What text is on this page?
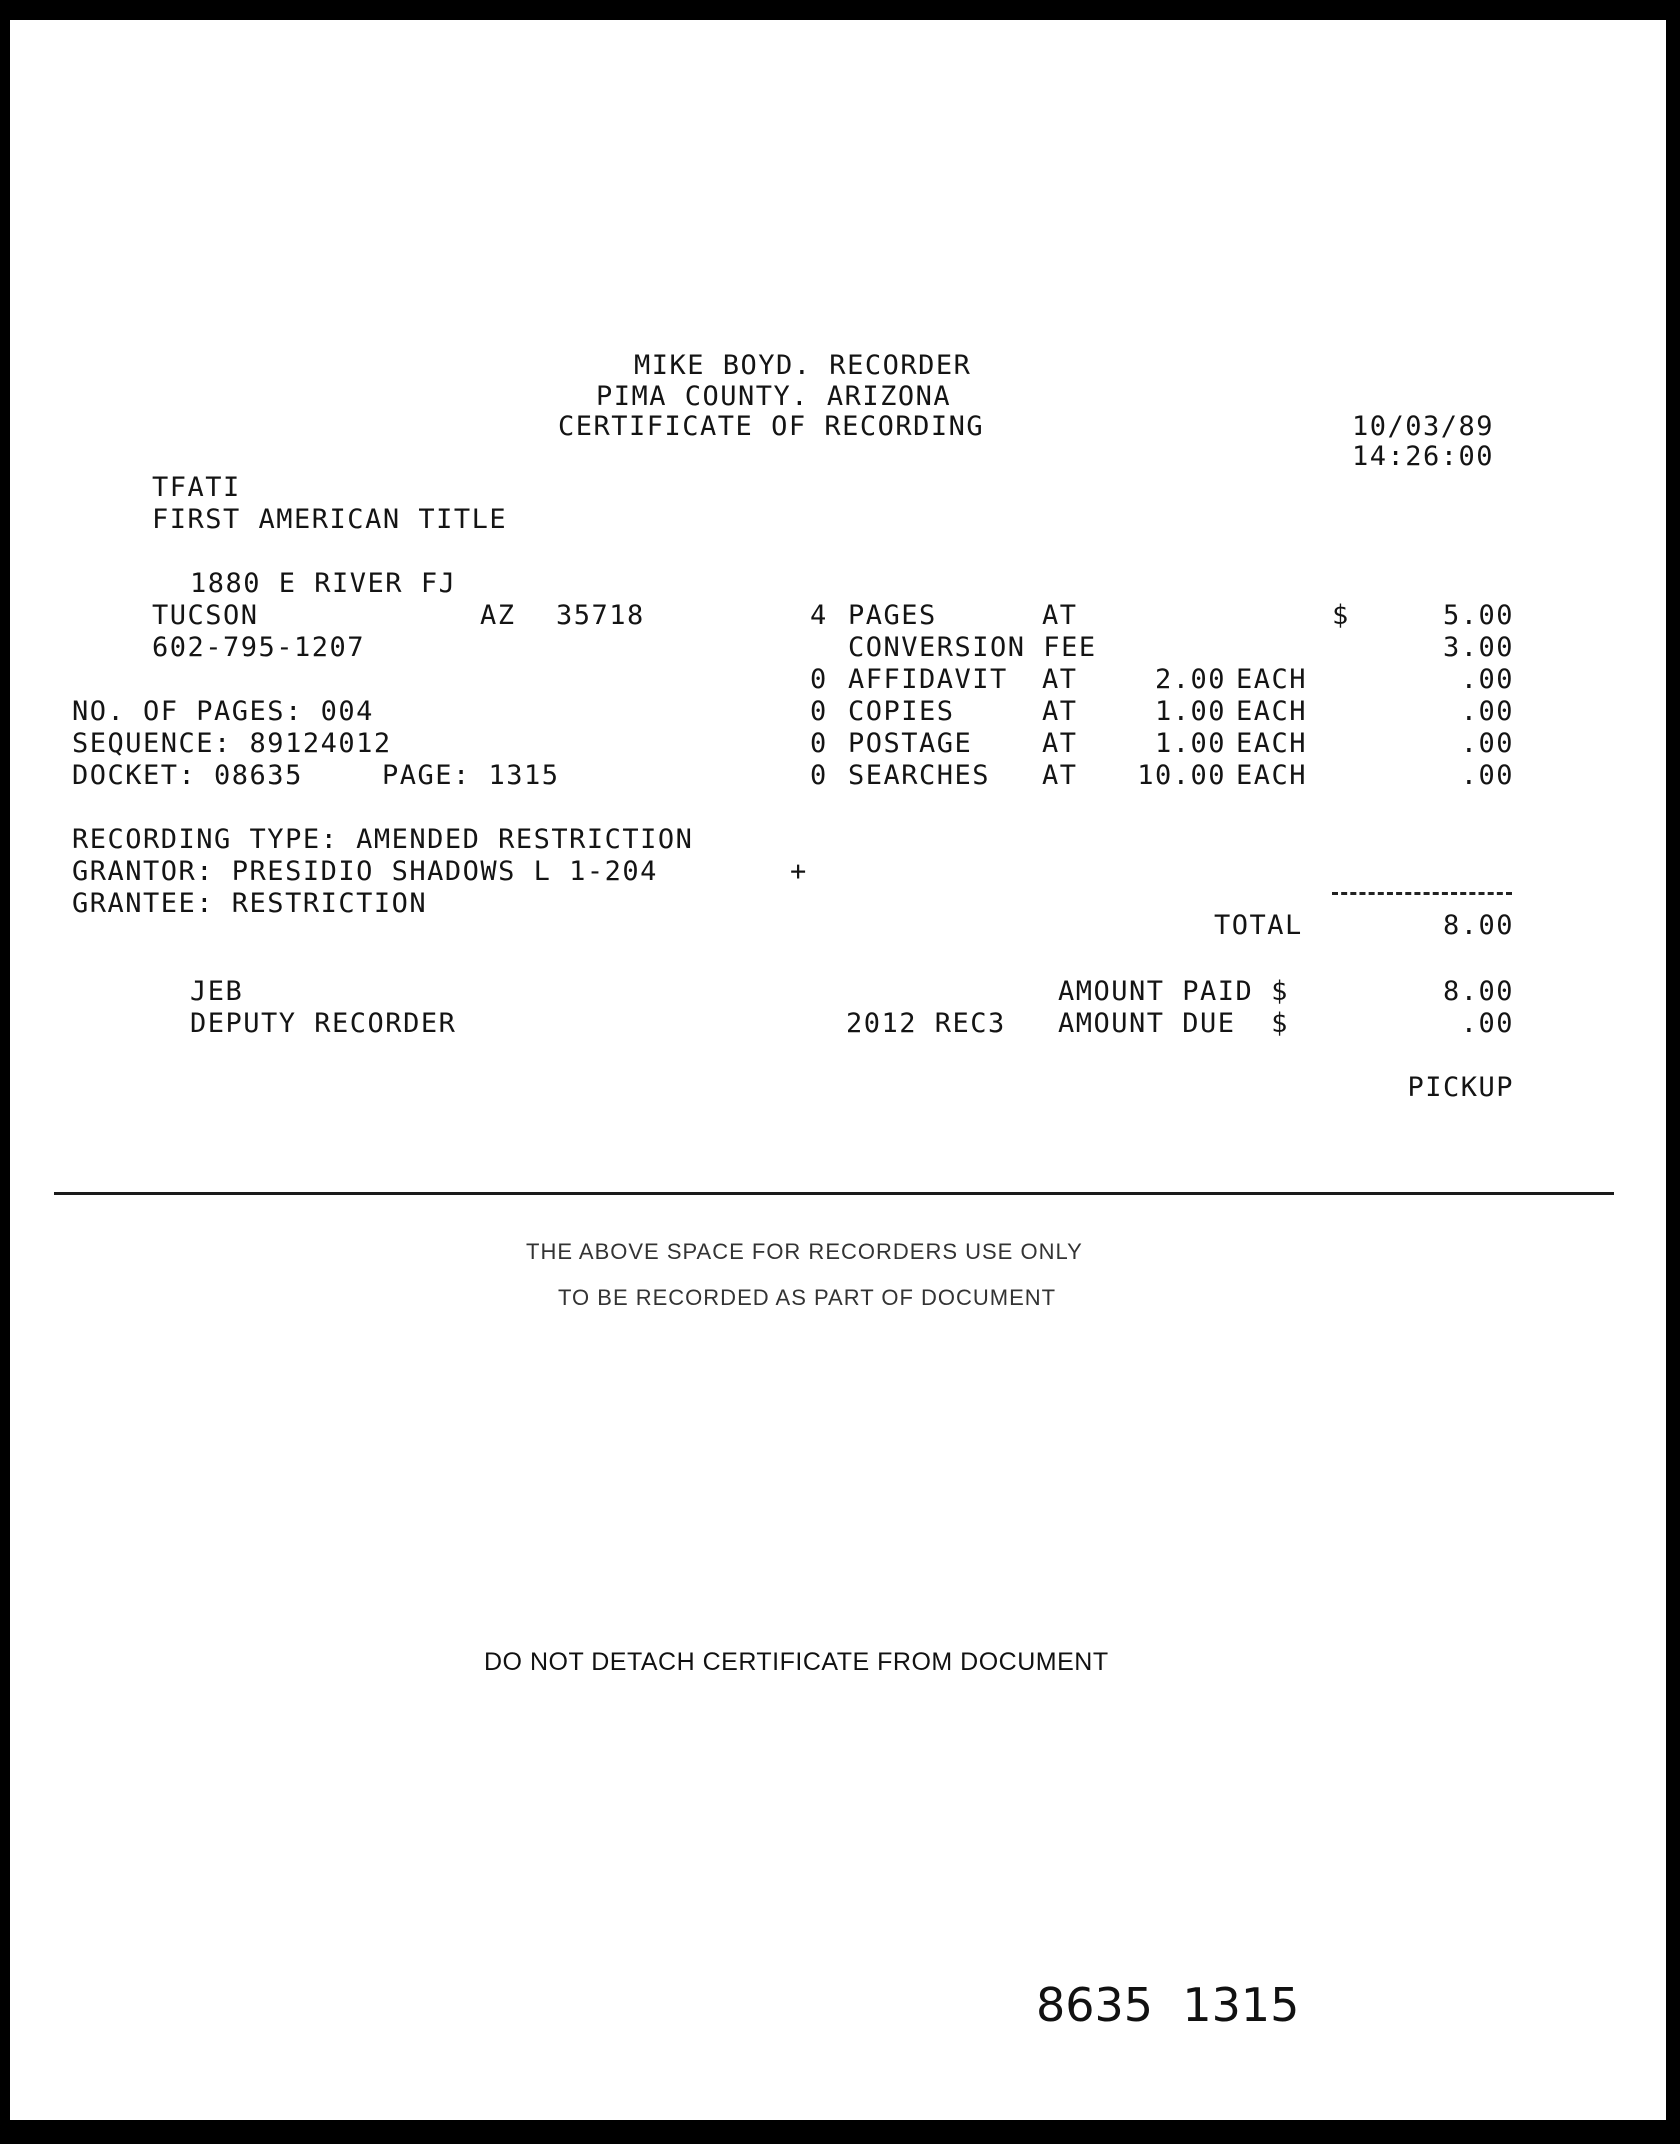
MIKE BOYD. RECORDER
PIMA COUNTY. ARIZONA
CERTIFICATE OF RECORDING	10/03/89
14:26:00
TFATI
FIRST AMERICAN TITLE
1880 E RIVER FJ
TUCSON	AZ 35718
602-795-1207
NO. OF PAGES: 004
SEQUENCE: 89124012
DOCKET: 08635	PAGE: 1315
4 PAGES	AT	$	5.00
CONVERSION FEE	3.00
0 AFFIDAVIT AT	2.00 EACH	.00
0 COPIES	AT	1.00 EACH	.00
0 POSTAGE	AT	1.00 EACH	.00
0 SEARCHES AT	10.00 EACH	.00
RECORDING TYPE: AMENDED RESTRICTION
GRANTOR: PRESIDIO SHADOWS L 1-204	+
GRANTEE: RESTRICTION
TOTAL	8.00
JEB
DEPUTY RECORDER
AMOUNT PAID $	8.00
2012 REC3 AMOUNT DUE  $	.00
PICKUP
THE ABOVE SPACE FOR RECORDERS USE ONLY
TO BE RECORDED AS PART OF DOCUMENT
DO NOT DETACH CERTIFICATE FROM DOCUMENT
8635 1315
